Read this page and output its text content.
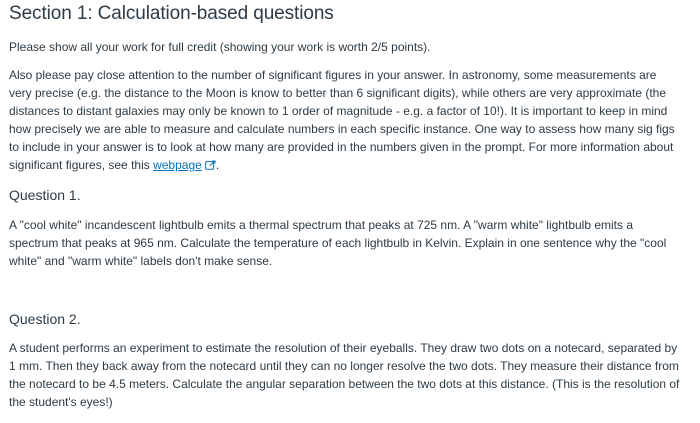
Section 1: Calculation-based questions

Please show all your work for full credit (showing your work is worth 2/5 points).

Also please pay close attention to the number of significant figures in your answer. In astronomy, some measurements are very precise (e.g. the distance to the Moon is know to better than 6 significant digits), while others are very approximate (the distances to distant galaxies may only be known to 1 order of magnitude - e.g. a factor of 10!). It is important to keep in mind how precisely we are able to measure and calculate numbers in each specific instance. One way to assess how many sig figs to include in your answer is to look at how many are provided in the numbers given in the prompt. For more information about significant figures, see this webpage .

Question 1.

A "cool white" incandescent lightbulb emits a thermal spectrum that peaks at 725 nm. A "warm white" lightbulb emits a spectrum that peaks at 965 nm. Calculate the temperature of each lightbulb in Kelvin. Explain in one sentence why the "cool white" and "warm white" labels don't make sense.

Question 2.

A student performs an experiment to estimate the resolution of their eyeballs. They draw two dots on a notecard, separated by 1 mm. Then they back away from the notecard until they can no longer resolve the two dots. They measure their distance from the notecard to be 4.5 meters. Calculate the angular separation between the two dots at this distance. (This is the resolution of the student's eyes!)
